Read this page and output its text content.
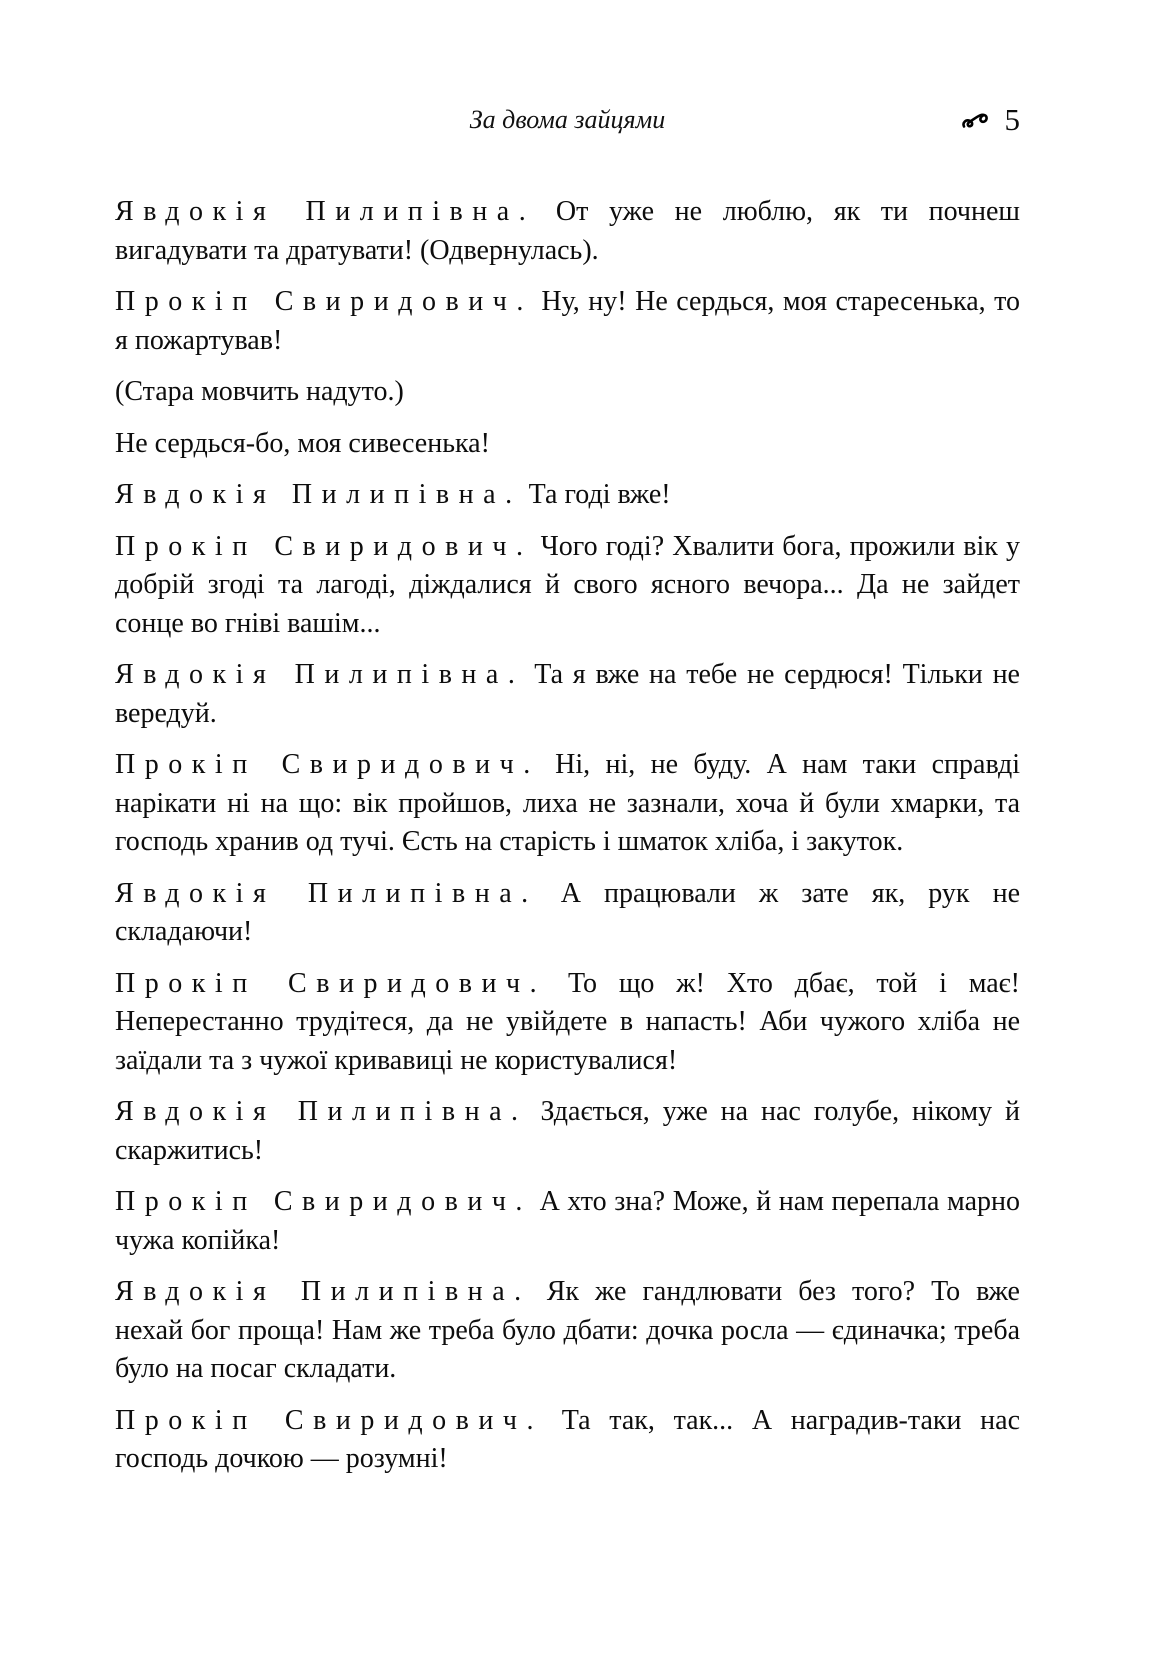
За двома зайцями	5

Явдокія Пилипівна. От уже не люблю, як ти почнеш вигадувати та дратувати! (Одвернулась).

Прокіп Свиридович. Ну, ну! Не сердься, моя старесенька, то я пожартував!

(Стара мовчить надуто.)

Не сердься-бо, моя сивесенька!

Явдокія Пилипівна. Та годі вже!

Прокіп Свиридович. Чого годі? Хвалити бога, прожили вік у добрій згоді та лагоді, діждалися й свого ясного вечора... Да не зайдет сонце во гніві вашім...

Явдокія Пилипівна. Та я вже на тебе не сердюся! Тільки не вередуй.

Прокіп Свиридович. Ні, ні, не буду. А нам таки справді нарікати ні на що: вік пройшов, лиха не зазнали, хоча й були хмарки, та господь хранив од тучі. Єсть на старість і шматок хліба, і закуток.

Явдокія Пилипівна. А працювали ж зате як, рук не складаючи!

Прокіп Свиридович. То що ж! Хто дбає, той і має! Неперестанно трудітеся, да не увійдете в напасть! Аби чужого хліба не заїдали та з чужої кривавиці не користувалися!

Явдокія Пилипівна. Здається, уже на нас голубе, нікому й скаржитись!

Прокіп Свиридович. А хто зна? Може, й нам перепала марно чужа копійка!

Явдокія Пилипівна. Як же гандлювати без того? То вже нехай бог проща! Нам же треба було дбати: дочка росла — єдиначка; треба було на посаг складати.

Прокіп Свиридович. Та так, так... А наградив-таки нас господь дочкою — розумні!
